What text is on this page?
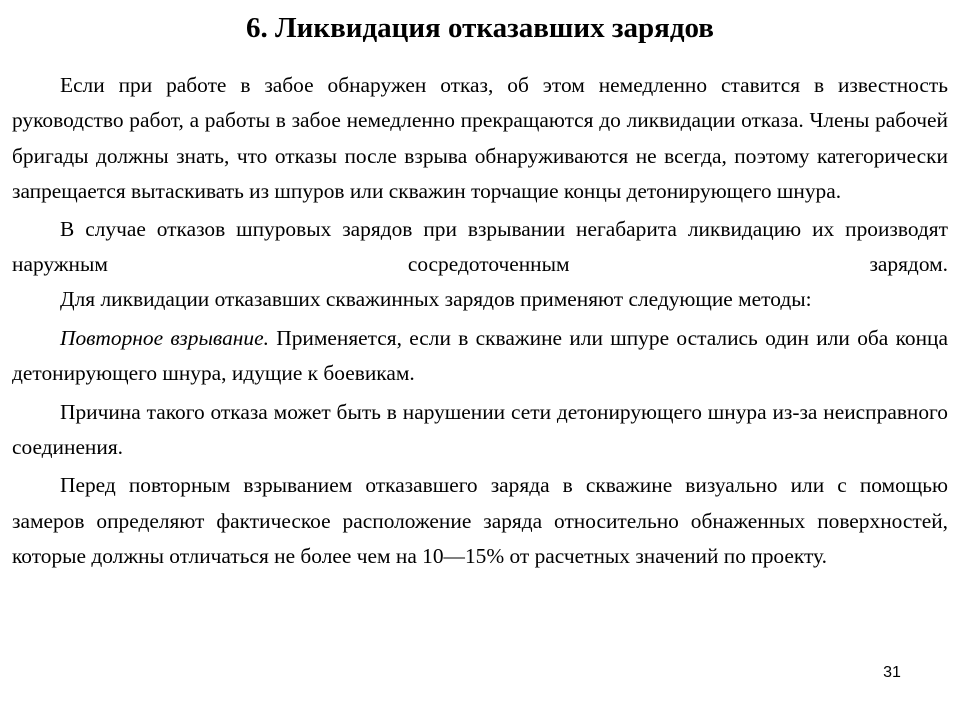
6. Ликвидация отказавших зарядов

Если при работе в забое обнаружен отказ, об этом немедленно ставится в известность руководство работ, а работы в забое немедленно прекращаются до ликвидации отказа. Члены рабочей бригады должны знать, что отказы после взрыва обнаруживаются не всегда, поэтому категорически запрещается вытаскивать из шпуров или скважин торчащие концы детонирующего шнура.

В случае отказов шпуровых зарядов при взрывании негабарита ликвидацию их производят наружным сосредоточенным зарядом.

Для ликвидации отказавших скважинных зарядов применяют следующие методы:

Повторное взрывание. Применяется, если в скважине или шпуре остались один или оба конца детонирующего шнура, идущие к боевикам.

Причина такого отказа может быть в нарушении сети детонирующего шнура из-за неисправного соединения.

Перед повторным взрыванием отказавшего заряда в скважине визуально или с помощью замеров определяют фактическое расположение заряда относительно обнаженных поверхностей, которые должны отличаться не более чем на 10—15% от расчетных значений по проекту.

31
